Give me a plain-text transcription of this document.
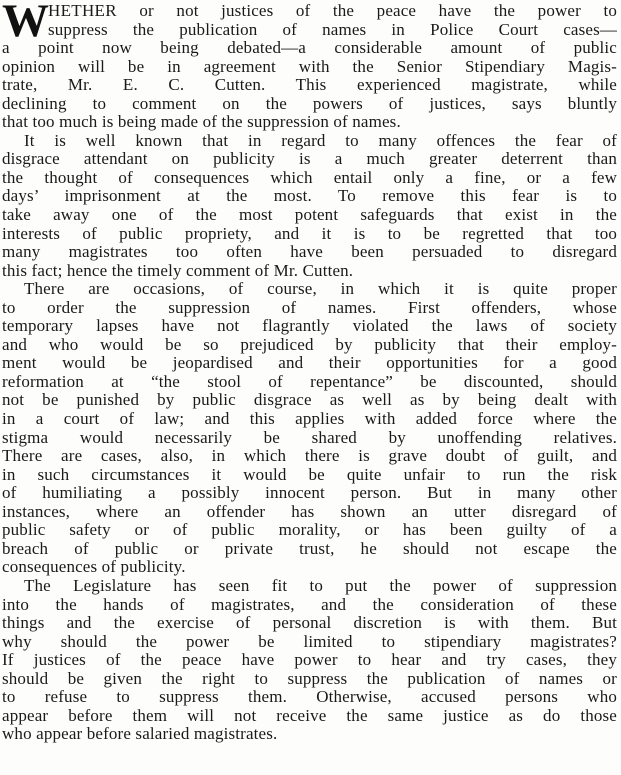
W HETHER or not justices of the peace have the power to
suppress the publication of names in Police Court cases—
a point now being debated—a considerable amount of public
opinion will be in agreement with the Senior Stipendiary Magis-
trate, Mr. E. C. Cutten. This experienced magistrate, while
declining to comment on the powers of justices, says bluntly
that too much is being made of the suppression of names.
It is well known that in regard to many offences the fear of
disgrace attendant on publicity is a much greater deterrent than
the thought of consequences which entail only a fine, or a few
days’ imprisonment at the most. To remove this fear is to
take away one of the most potent safeguards that exist in the
interests of public propriety, and it is to be regretted that too
many magistrates too often have been persuaded to disregard
this fact; hence the timely comment of Mr. Cutten.
There are occasions, of course, in which it is quite proper
to order the suppression of names. First offenders, whose
temporary lapses have not flagrantly violated the laws of society
and who would be so prejudiced by publicity that their employ-
ment would be jeopardised and their opportunities for a good
reformation at “the stool of repentance” be discounted, should
not be punished by public disgrace as well as by being dealt with
in a court of law; and this applies with added force where the
stigma would necessarily be shared by unoffending relatives.
There are cases, also, in which there is grave doubt of guilt, and
in such circumstances it would be quite unfair to run the risk
of humiliating a possibly innocent person. But in many other
instances, where an offender has shown an utter disregard of
public safety or of public morality, or has been guilty of a
breach of public or private trust, he should not escape the
consequences of publicity.
The Legislature has seen fit to put the power of suppression
into the hands of magistrates, and the consideration of these
things and the exercise of personal discretion is with them. But
why should the power be limited to stipendiary magistrates?
If justices of the peace have power to hear and try cases, they
should be given the right to suppress the publication of names or
to refuse to suppress them. Otherwise, accused persons who
appear before them will not receive the same justice as do those
who appear before salaried magistrates.
